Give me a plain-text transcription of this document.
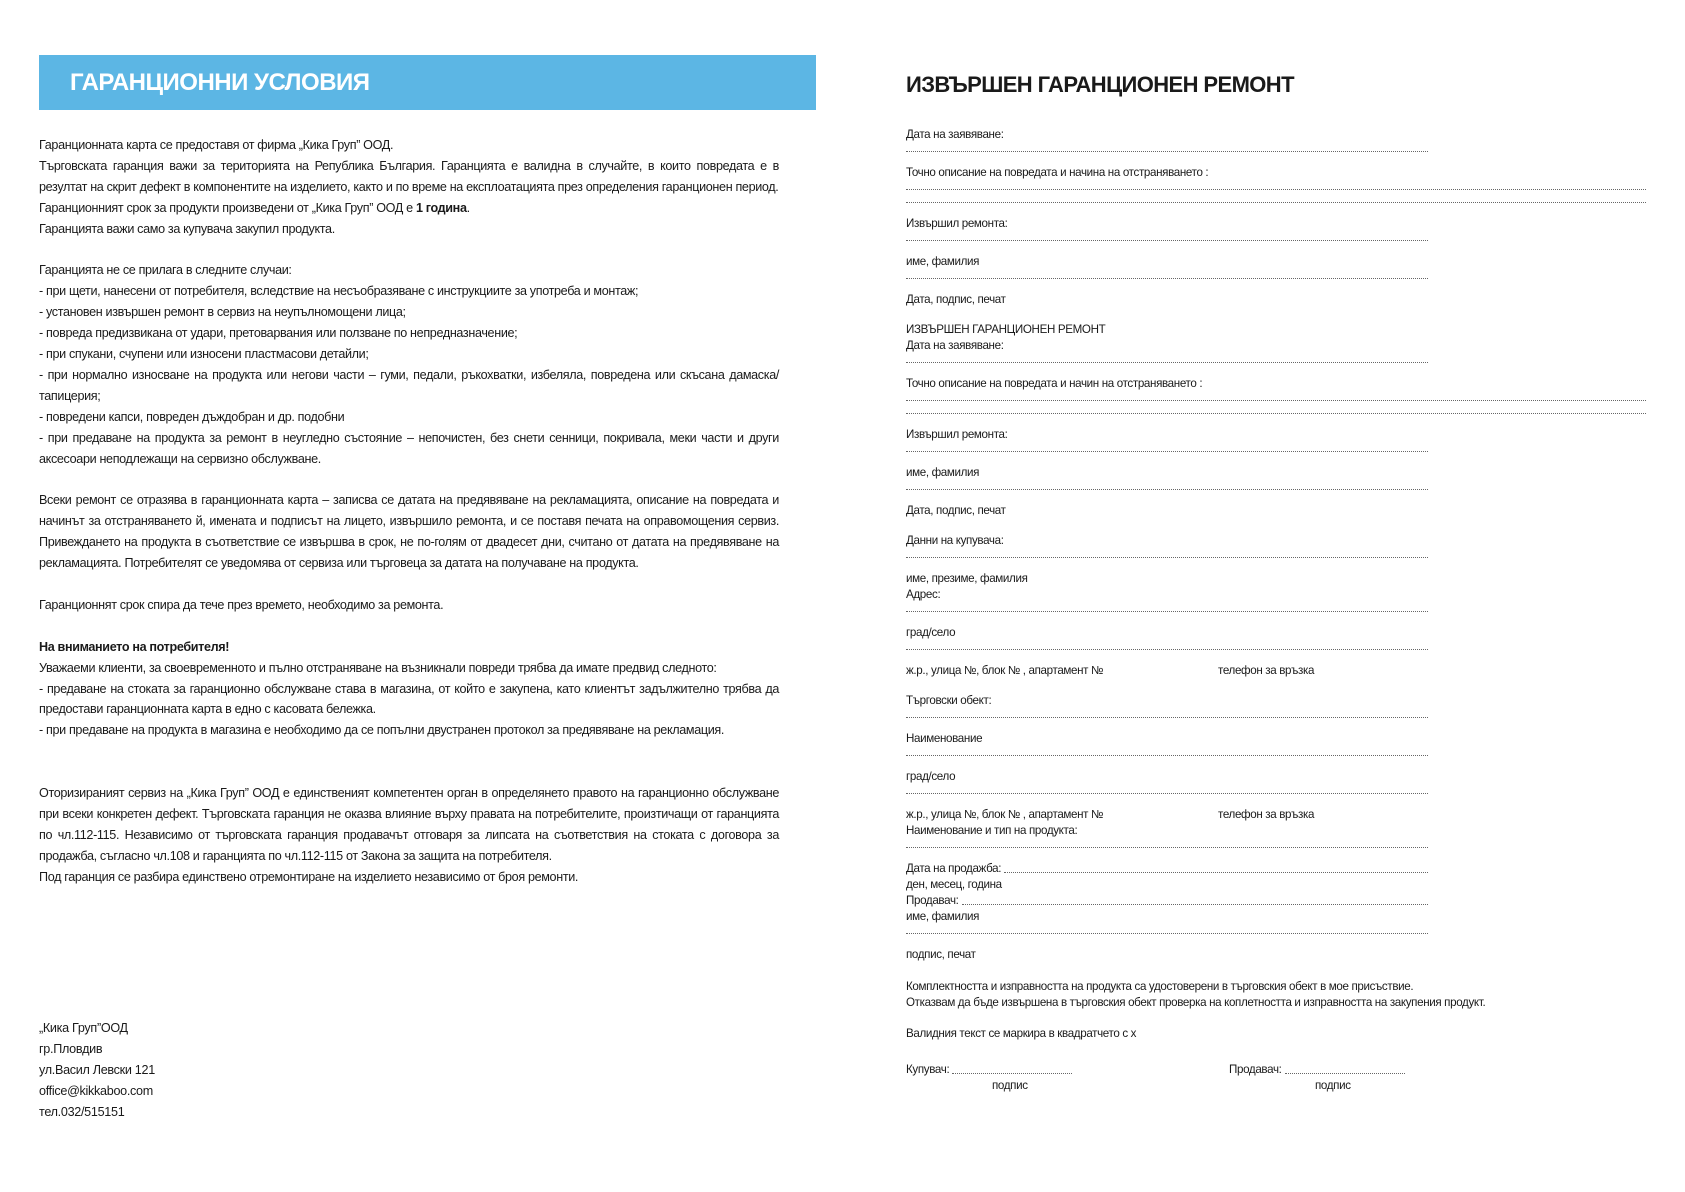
ГАРАНЦИОННИ УСЛОВИЯ

Гаранционната карта се предоставя от фирма „Кика Груп” ООД.

Търговската гаранция важи за територията на Република България. Гаранцията е валидна в случайте, в които повредата е в резултат на скрит дефект в компонентите на изделието, както и по време на експлоатацията през определения гаранционен период.

Гаранционният срок за продукти произведени от „Кика Груп” ООД е 1 година.

Гаранцията важи само за купувача закупил продукта.

Гаранцията не се прилага в следните случаи:

- при щети, нанесени от потребителя, вследствие на несъобразяване с инструкциите за употреба и монтаж;

- установен извършен ремонт в сервиз на неупълномощени лица;

- повреда предизвикана от удари, претоварвания или ползване по непредназначение;

- при спукани, счупени или износени пластмасови детайли;

- при нормално износване на продукта или негови части – гуми, педали, ръкохватки, избеляла, повредена или скъсана дамаска/ тапицерия;

- повредени капси, повреден дъждобран и др. подобни

- при предаване на продукта за ремонт в неугледно състояние – непочистен, без снети сенници, покривала, меки части и други аксесоари неподлежащи на сервизно обслужване.

Всеки ремонт се отразява в гаранционната карта – записва се датата на предявяване на рекламацията, описание на повредата и начинът за отстраняването й, имената и подписът на лицето, извършило ремонта, и се поставя печата на оправомощения сервиз. Привеждането на продукта в съответствие се извършва в срок, не по-голям от двадесет дни, считано от датата на предявяване на рекламацията. Потребителят се уведомява от сервиза или търговеца за датата на получаване на продукта.

Гаранционнят срок спира да тече през времето, необходимо за ремонта.

На вниманието на потребителя!

Уважаеми клиенти, за своевременното и пълно отстраняване на възникнали повреди трябва да имате предвид следното:

- предаване на стоката за гаранционно обслужване става в магазина, от който е закупена, като клиентът задължително трябва да предостави гаранционната карта в едно с касовата бележка.

- при предаване на продукта в магазина е необходимо да се попълни двустранен протокол за предявяване на рекламация.

Оторизираният сервиз на „Кика Груп” ООД е единственият компетентен орган в определянето правото на гаранционно обслужване при всеки конкретен дефект. Търговската гаранция не оказва влияние върху правата на потребителите, произтичащи от гаранцията по чл.112-115. Независимо от търговската гаранция продавачът отговаря за липсата на съответствия на стоката с договора за продажба, съгласно чл.108 и гаранцията по чл.112-115 от Закона за защита на потребителя.

Под гаранция се разбира единствено отремонтиране на изделието независимо от броя ремонти.

„Кика Груп”ООД
гр.Пловдив
ул.Васил Левски 121
office@kikkaboo.com
тел.032/515151
ИЗВЪРШЕН ГАРАНЦИОНЕН РЕМОНТ
Дата на заявяване:
Точно описание на повредата и начина на отстраняването :
Извършил ремонта:
име, фамилия
Дата, подпис, печат
ИЗВЪРШЕН ГАРАНЦИОНЕН РЕМОНТ
Дата на заявяване:
Точно описание на повредата и начин на отстраняването :
Извършил ремонта:
име, фамилия
Дата, подпис, печат
Данни на купувача:
име, презиме, фамилия
Адрес:
град/село
ж.р., улица №, блок № , апартамент №	телефон за връзка
Търговски обект:
Наименование
град/село
ж.р., улица №, блок № , апартамент №	телефон за връзка
Наименование и тип на продукта:
Дата на продажба:
ден, месец, година
Продавач:
име, фамилия
подпис, печат
Комплектността и изправността на продукта са удостоверени в търговския обект в мое присъствие.
Отказвам да бъде извършена в търговския обект проверка на коплетността и изправността на закупения продукт.
Валидния текст се маркира в квадратчето с х
Купувач:
подпис
Продавач:
подпис
